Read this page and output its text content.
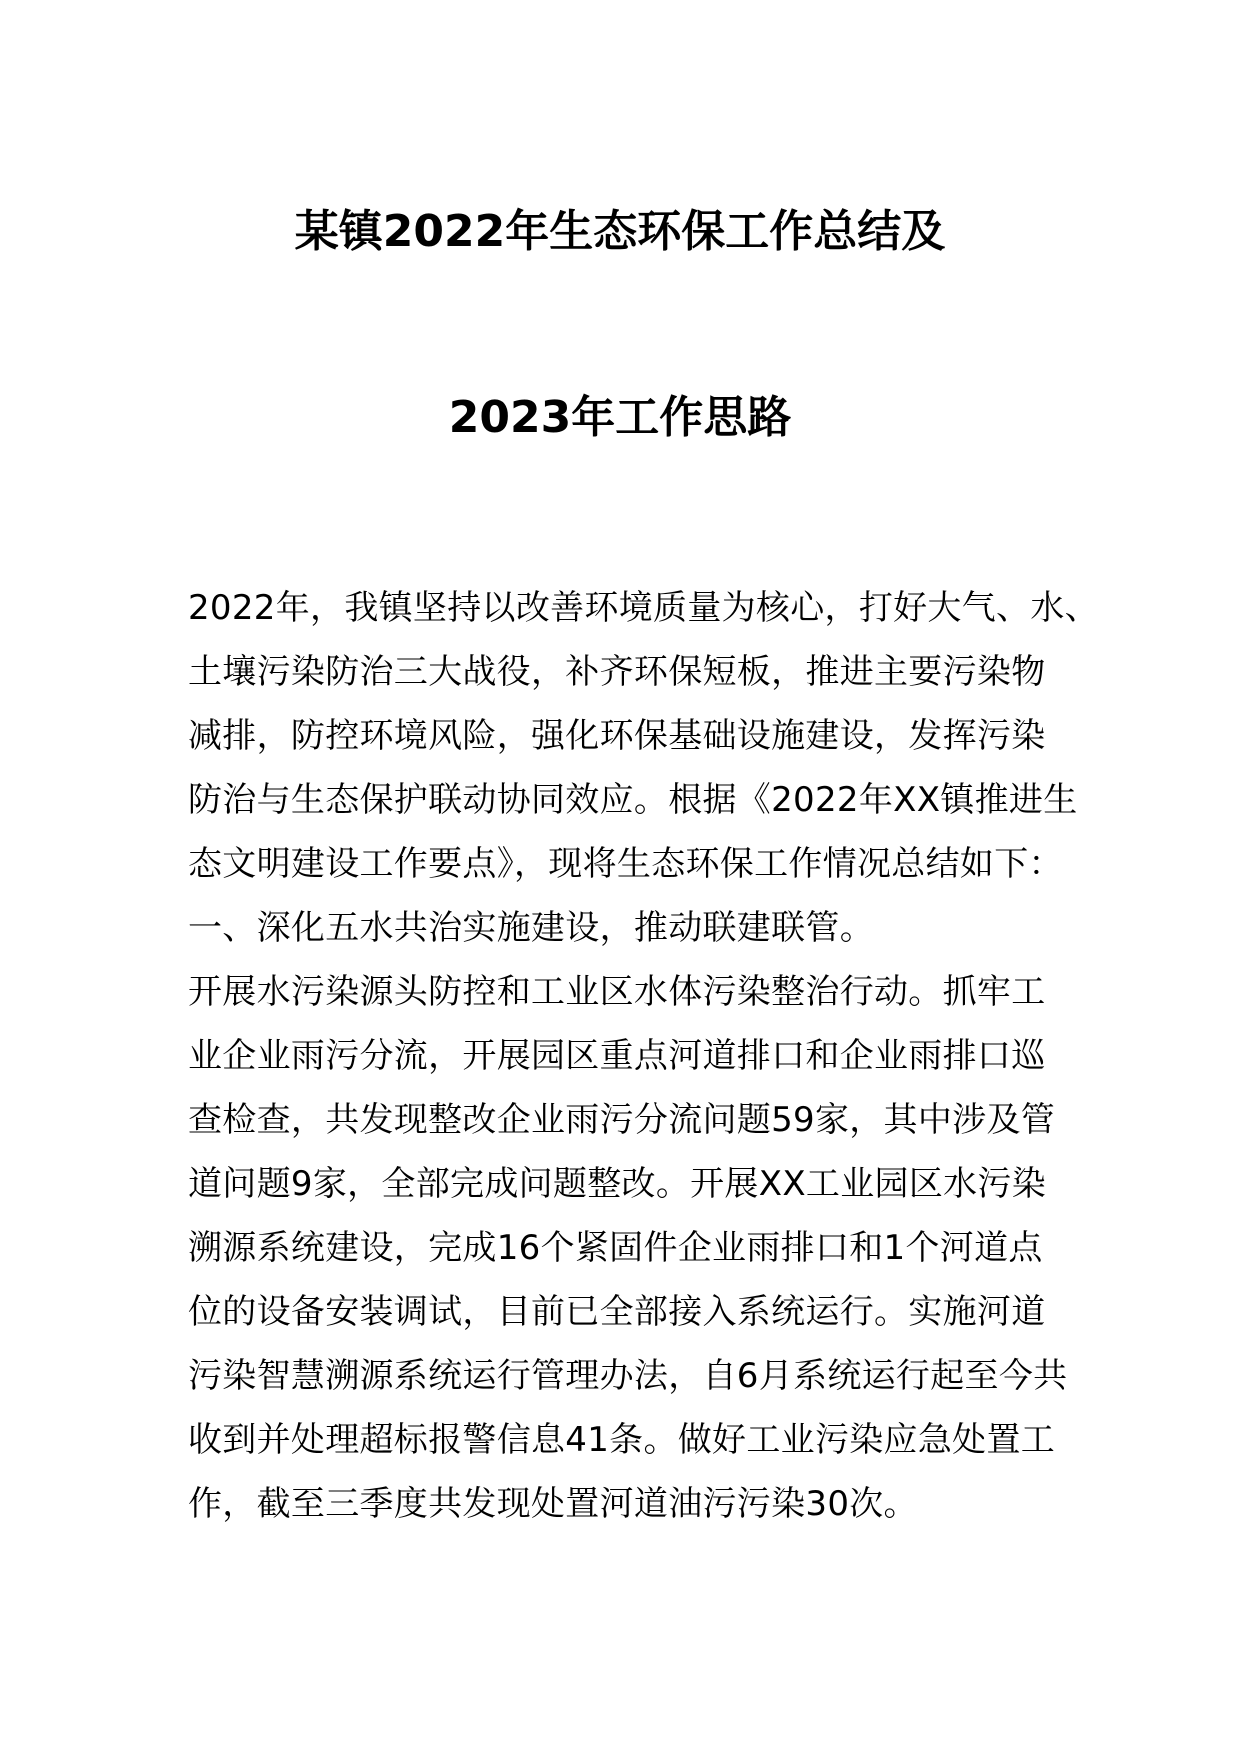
某镇2022年生态环保工作总结及
2023年工作思路
2022年，我镇坚持以改善环境质量为核心，打好大气、水、
土壤污染防治三大战役，补齐环保短板，推进主要污染物
减排，防控环境风险，强化环保基础设施建设，发挥污染
防治与生态保护联动协同效应。根据《2022年XX镇推进生
态文明建设工作要点》，现将生态环保工作情况总结如下：
一、深化五水共治实施建设，推动联建联管。
开展水污染源头防控和工业区水体污染整治行动。抓牢工
业企业雨污分流，开展园区重点河道排口和企业雨排口巡
查检查，共发现整改企业雨污分流问题59家，其中涉及管
道问题9家，全部完成问题整改。开展XX工业园区水污染
溯源系统建设，完成16个紧固件企业雨排口和1个河道点
位的设备安装调试，目前已全部接入系统运行。实施河道
污染智慧溯源系统运行管理办法，自6月系统运行起至今共
收到并处理超标报警信息41条。做好工业污染应急处置工
作，截至三季度共发现处置河道油污污染30次。
